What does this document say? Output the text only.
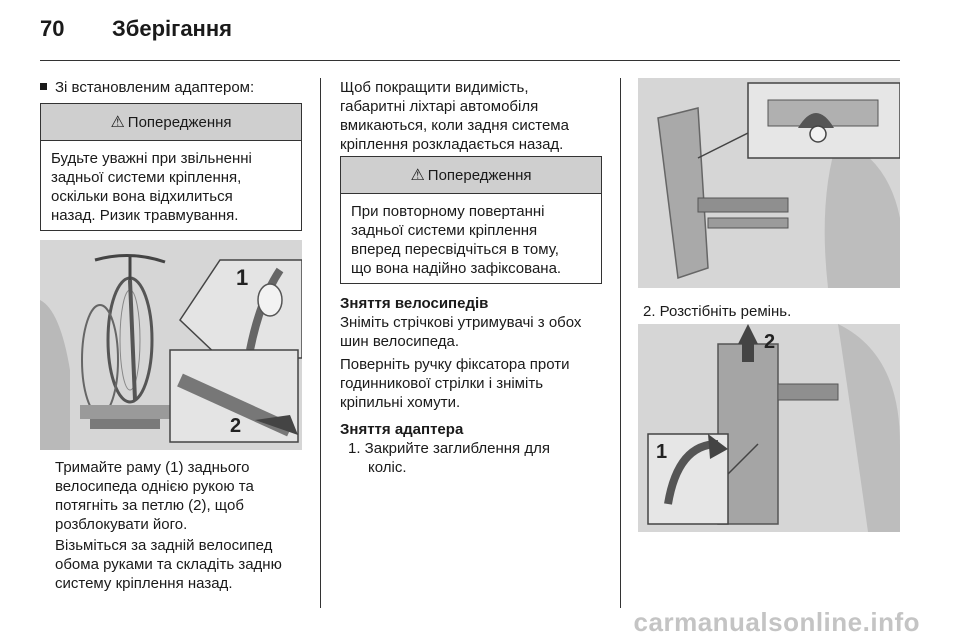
70 Зберігання
Зі встановленим адаптером:
⚠ Попередження

Будьте уважні при звільненні

задньої системи кріплення,

оскільки вона відхилиться

назад. Ризик травмування.

1
2

Тримайте раму (1) заднього

велосипеда однією рукою та

потягніть за петлю (2), щоб

розблокувати його.

Візьміться за задній велосипед

обома руками та складіть задню

систему кріплення назад.

Щоб покращити видимість,

габаритні ліхтарі автомобіля

вмикаються, коли задня система

кріплення розкладається назад.

⚠ Попередження

При повторному повертанні

задньої системи кріплення

вперед пересвідчіться в тому,

що вона надійно зафіксована.

Зняття велосипедів

Зніміть стрічкові утримувачі з обох

шин велосипеда.

Поверніть ручку фіксатора проти

годинникової стрілки і зніміть

кріпильні хомути.

Зняття адаптера

1. Закрийте заглиблення для

коліс.

2. Розстібніть ремінь.
2
1
carmanualsonline.info
